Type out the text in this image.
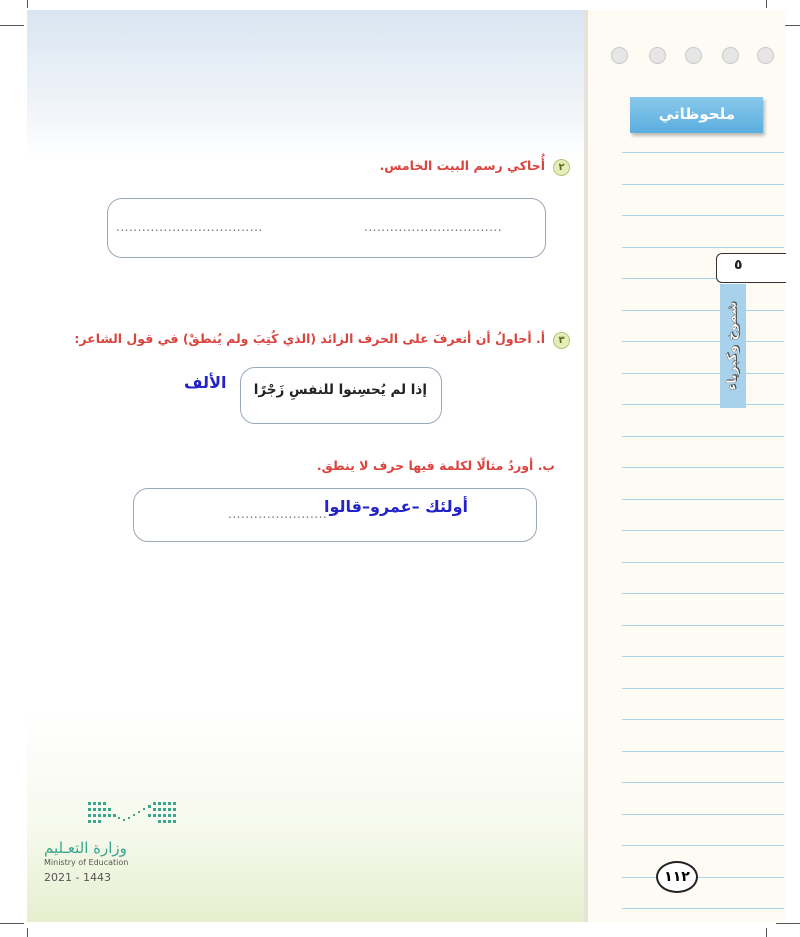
ملحوظاتي
٥
شموخ وكبرياء
٢
أُحاكي رسم البيت الخامس.
..................................	................................
٣
أ. أحاولُ أن أتعرفَ على الحرف الزائد (الذي كُتِبَ ولم يُنطقْ) في قول الشاعر:
إذا لم يُحسِنوا للنفسِ زَجْرًا
الألف
ب. أوردُ مثالًا لكلمة فيها حرف لا ينطق.
.......................
أولئك –عمرو–قالوا
١١٢
وزارة التعـليم
Ministry of Education
2021 - 1443
